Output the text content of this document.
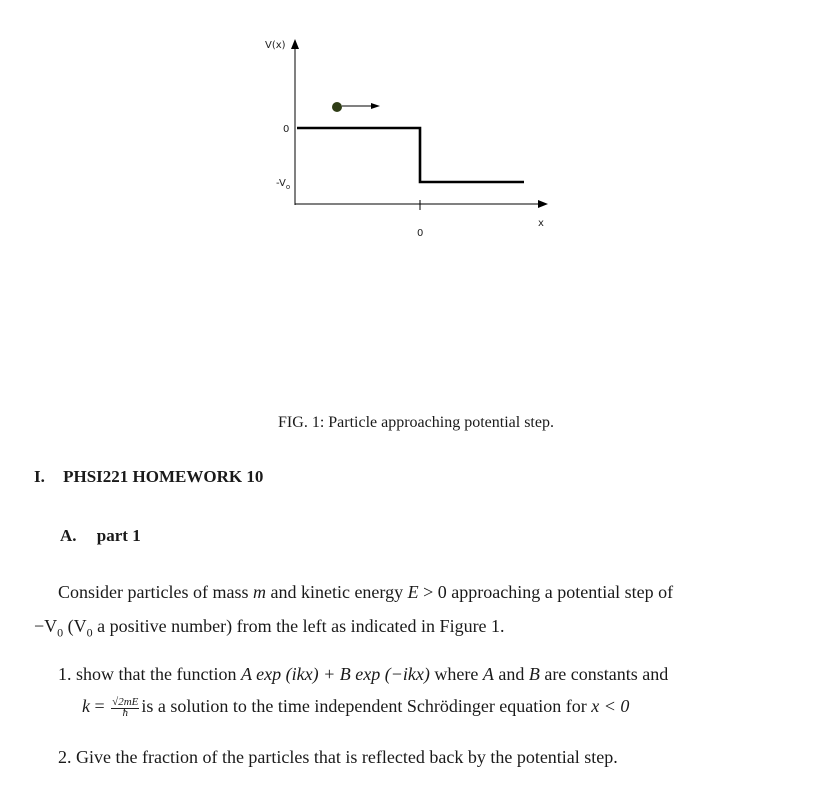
V(x)
x
0
$-V_o$
0
FIG. 1: Particle approaching potential step.
I. PHSI221 HOMEWORK 10
A. part 1
Consider particles of mass m and kinetic energy E > 0 approaching a potential step of
$-V_0$ ($V_0$ a positive number) from the left as indicated in Figure 1.
1. show that the function A exp (ikx) + B exp (−ikx) where A and B are constants and
$k = \frac{√2mE}{ħ}$ is a solution to the time independent Schrödinger equation for x < 0
2. Give the fraction of the particles that is reflected back by the potential step.
